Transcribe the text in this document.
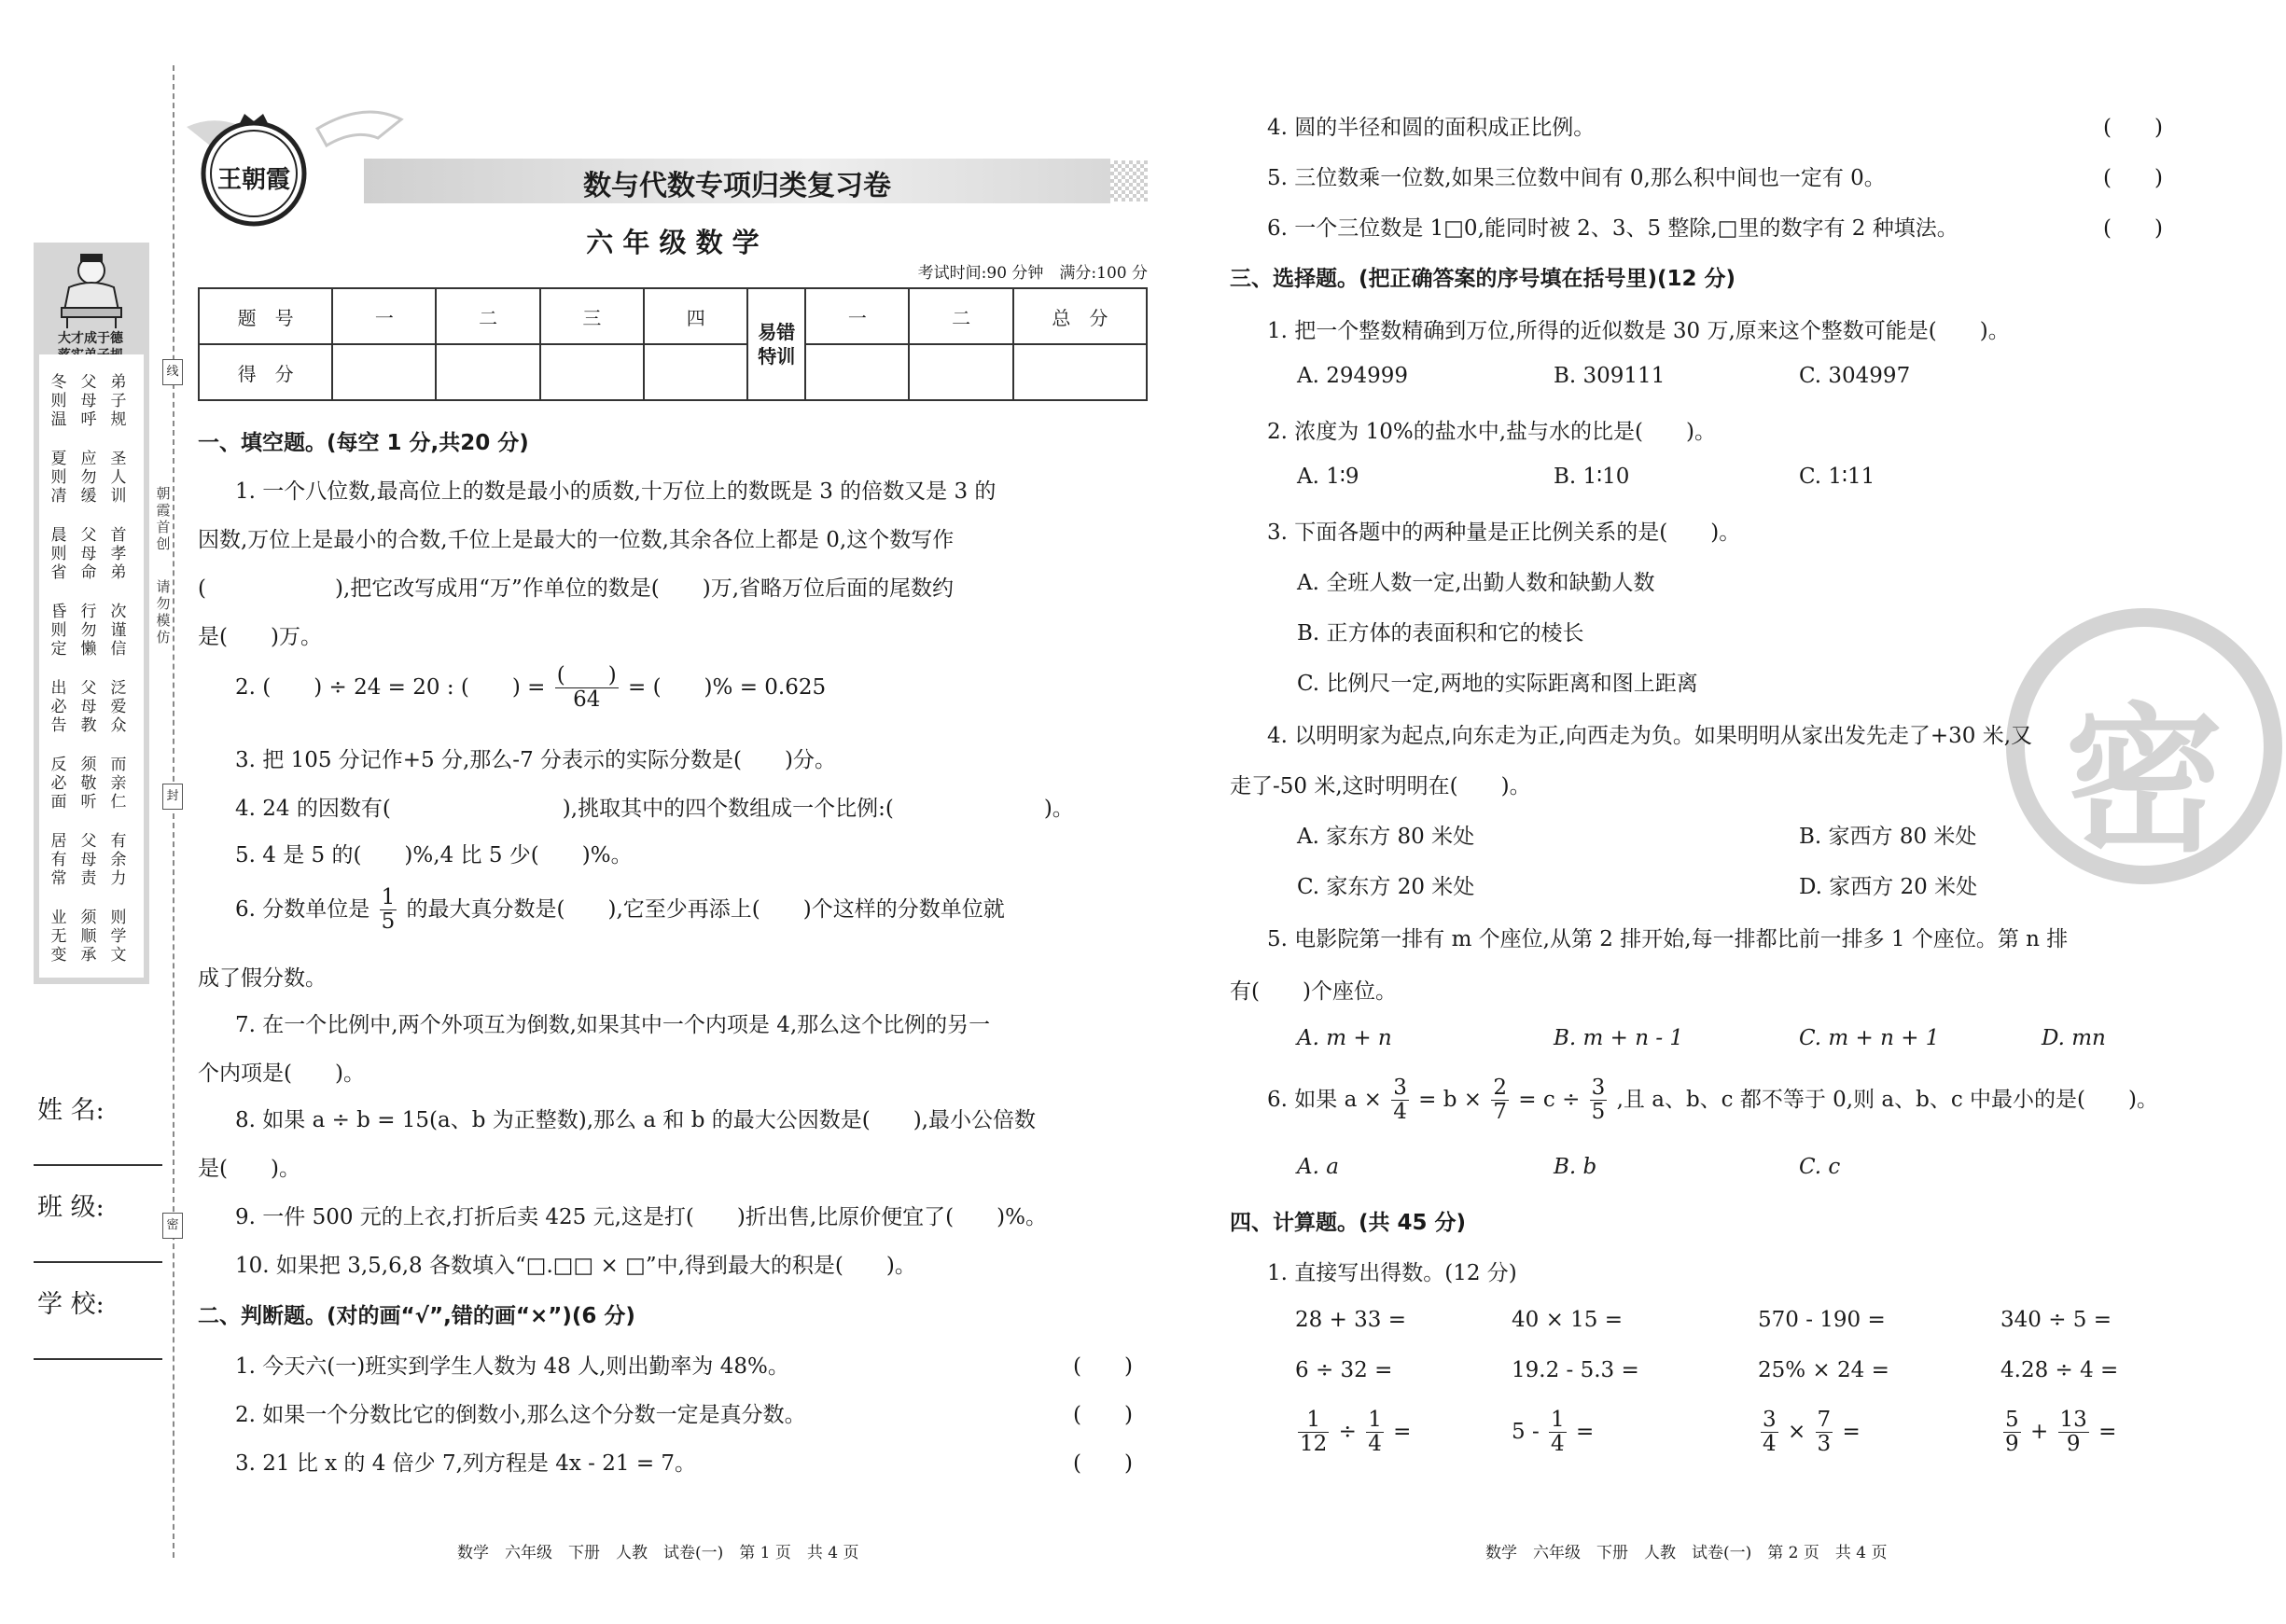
大才成于德
冬则温
父母呼
弟子规
夏则凊
应勿缓
圣人训
晨则省
父母命
首孝弟
昏则定
行勿懒
次谨信
出必告
父母教
泛爱众
反必面
须敬听
而亲仁
居有常
父母责
有余力
业无变
须顺承
则学文
朝霞首创
请勿模仿
线
封
密
姓 名:
班 级:
学 校:
王朝霞	数与代数专项归类复习卷
六 年 级 数 学
考试时间:90 分钟　满分:100 分
题　号	一	二	三	四	易错特训	一	二	总　分
得　分								
一、填空题。(每空 1 分,共20 分)
1. 一个八位数,最高位上的数是最小的质数,十万位上的数既是 3 的倍数又是 3 的
因数,万位上是最小的合数,千位上是最大的一位数,其余各位上都是 0,这个数写作
(　　　　　　),把它改写成用“万”作单位的数是(　　)万,省略万位后面的尾数约
是(　　)万。
2. (　　) ÷ 24 = 20 : (　　) = $\frac{( )}{64}$ = (　　)% = 0.625
3. 把 105 分记作+5 分,那么-7 分表示的实际分数是(　　)分。
4. 24 的因数有(　　　　　　　　),挑取其中的四个数组成一个比例:(　　　　　　　)。
5. 4 是 5 的(　　)%,4 比 5 少(　　)%。
6. 分数单位是 $\frac{1}{5}$ 的最大真分数是(　　),它至少再添上(　　)个这样的分数单位就
成了假分数。
7. 在一个比例中,两个外项互为倒数,如果其中一个内项是 4,那么这个比例的另一
个内项是(　　)。
8. 如果 a ÷ b = 15(a、b 为正整数),那么 a 和 b 的最大公因数是(　　),最小公倍数
是(　　)。
9. 一件 500 元的上衣,打折后卖 425 元,这是打(　　)折出售,比原价便宜了(　　)%。
10. 如果把 3,5,6,8 各数填入“□.□□ × □”中,得到最大的积是(　　)。
二、判断题。(对的画“√”,错的画“×”)(6 分)
1. 今天六(一)班实到学生人数为 48 人,则出勤率为 48%。	(　　)
2. 如果一个分数比它的倒数小,那么这个分数一定是真分数。	(　　)
3. 21 比 x 的 4 倍少 7,列方程是 4x - 21 = 7。	(　　)
数学　六年级　下册　人教　试卷(一)　第 1 页　共 4 页
密
4. 圆的半径和圆的面积成正比例。	(　　)
5. 三位数乘一位数,如果三位数中间有 0,那么积中间也一定有 0。	(　　)
6. 一个三位数是 1□0,能同时被 2、3、5 整除,□里的数字有 2 种填法。	(　　)
三、选择题。(把正确答案的序号填在括号里)(12 分)
1. 把一个整数精确到万位,所得的近似数是 30 万,原来这个整数可能是(　　)。
A. 294999	B. 309111	C. 304997
2. 浓度为 10%的盐水中,盐与水的比是(　　)。
A. 1∶9	B. 1∶10	C. 1∶11
3. 下面各题中的两种量是正比例关系的是(　　)。
A. 全班人数一定,出勤人数和缺勤人数
B. 正方体的表面积和它的棱长
C. 比例尺一定,两地的实际距离和图上距离
4. 以明明家为起点,向东走为正,向西走为负。如果明明从家出发先走了+30 米,又
走了-50 米,这时明明在(　　)。
A. 家东方 80 米处	B. 家西方 80 米处
C. 家东方 20 米处	D. 家西方 20 米处
5. 电影院第一排有 m 个座位,从第 2 排开始,每一排都比前一排多 1 个座位。第 n 排
有(　　)个座位。
A. m + n	B. m + n - 1	C. m + n + 1	D. mn
6. 如果 $a \times \frac{3}{4} = b \times \frac{2}{7} = c \div \frac{3}{5}$ ,且 a、b、c 都不等于 0,则 a、b、c 中最小的是(　　)。
A. a	B. b	C. c
四、计算题。(共 45 分)
1. 直接写出得数。(12 分)
28 + 33 =	40 × 15 =	570 - 190 =	340 ÷ 5 =
6 ÷ 32 =	19.2 - 5.3 =	25% × 24 =	4.28 ÷ 4 =
$\frac{1}{12} \div \frac{1}{4}$ =	$5 - \frac{1}{4}$ =	$\frac{3}{4} \times \frac{7}{3}$ =	$\frac{5}{9} + \frac{13}{9}$ =
数学　六年级　下册　人教　试卷(一)　第 2 页　共 4 页
